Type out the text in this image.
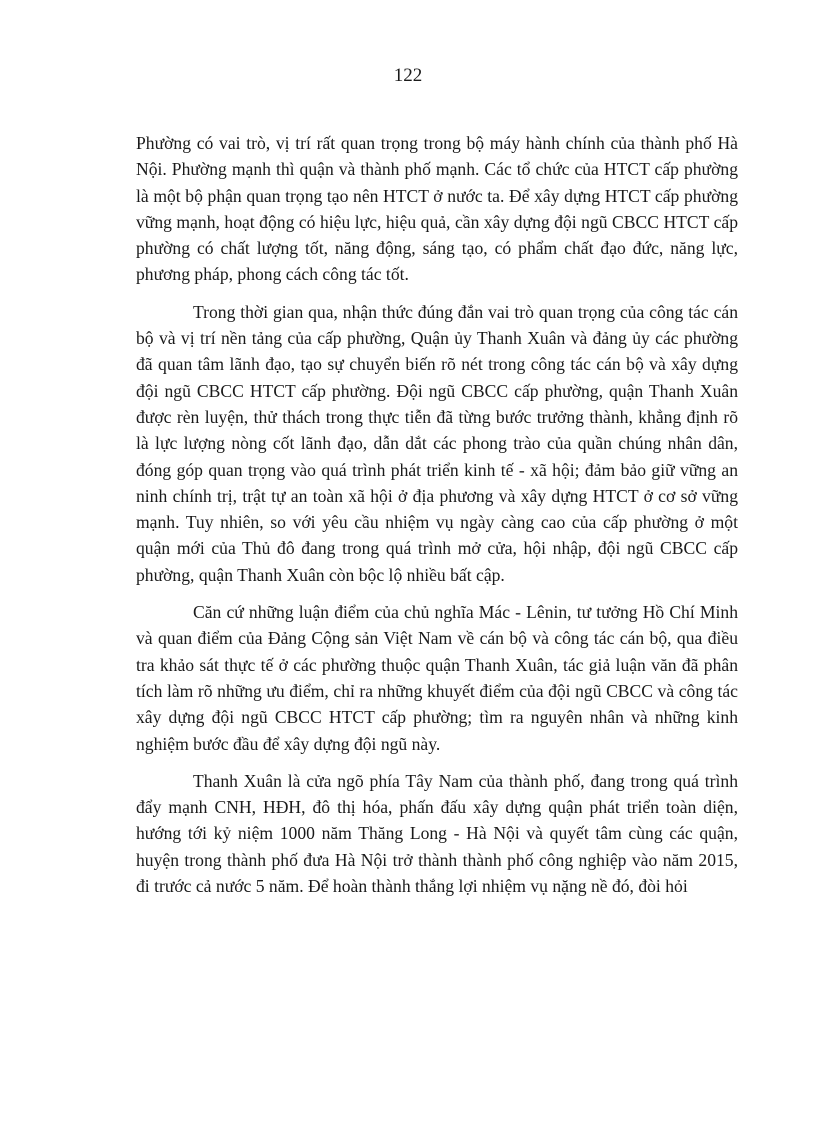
122

Phường có vai trò, vị trí rất quan trọng trong bộ máy hành chính của thành phố Hà Nội. Phường mạnh thì quận và thành phố mạnh. Các tổ chức của HTCT cấp phường là một bộ phận quan trọng tạo nên HTCT ở nước ta. Để xây dựng HTCT cấp phường vững mạnh, hoạt động có hiệu lực, hiệu quả, cần xây dựng đội ngũ CBCC HTCT cấp phường có chất lượng tốt, năng động, sáng tạo, có phẩm chất đạo đức, năng lực, phương pháp, phong cách công tác tốt.

Trong thời gian qua, nhận thức đúng đắn vai trò quan trọng của công tác cán bộ và vị trí nền tảng của cấp phường, Quận ủy Thanh Xuân và đảng ủy các phường đã quan tâm lãnh đạo, tạo sự chuyển biến rõ nét trong công tác cán bộ và xây dựng đội ngũ CBCC HTCT cấp phường. Đội ngũ CBCC cấp phường, quận Thanh Xuân được rèn luyện, thử thách trong thực tiễn đã từng bước trưởng thành, khẳng định rõ là lực lượng nòng cốt lãnh đạo, dẫn dắt các phong trào của quần chúng nhân dân, đóng góp quan trọng vào quá trình phát triển kinh tế - xã hội; đảm bảo giữ vững an ninh chính trị, trật tự an toàn xã hội ở địa phương và xây dựng HTCT ở cơ sở vững mạnh. Tuy nhiên, so với yêu cầu nhiệm vụ ngày càng cao của cấp phường ở một quận mới của Thủ đô đang trong quá trình mở cửa, hội nhập, đội ngũ CBCC cấp phường, quận Thanh Xuân còn bộc lộ nhiều bất cập.

Căn cứ những luận điểm của chủ nghĩa Mác - Lênin, tư tưởng Hồ Chí Minh và quan điểm của Đảng Cộng sản Việt Nam về cán bộ và công tác cán bộ, qua điều tra khảo sát thực tế ở các phường thuộc quận Thanh Xuân, tác giả luận văn đã phân tích làm rõ những ưu điểm, chỉ ra những khuyết điểm của đội ngũ CBCC và công tác xây dựng đội ngũ CBCC HTCT cấp phường; tìm ra nguyên nhân và những kinh nghiệm bước đầu để xây dựng đội ngũ này.

Thanh Xuân là cửa ngõ phía Tây Nam của thành phố, đang trong quá trình đẩy mạnh CNH, HĐH, đô thị hóa, phấn đấu xây dựng quận phát triển toàn diện, hướng tới kỷ niệm 1000 năm Thăng Long - Hà Nội và quyết tâm cùng các quận, huyện trong thành phố đưa Hà Nội trở thành thành phố công nghiệp vào năm 2015, đi trước cả nước 5 năm. Để hoàn thành thắng lợi nhiệm vụ nặng nề đó, đòi hỏi
